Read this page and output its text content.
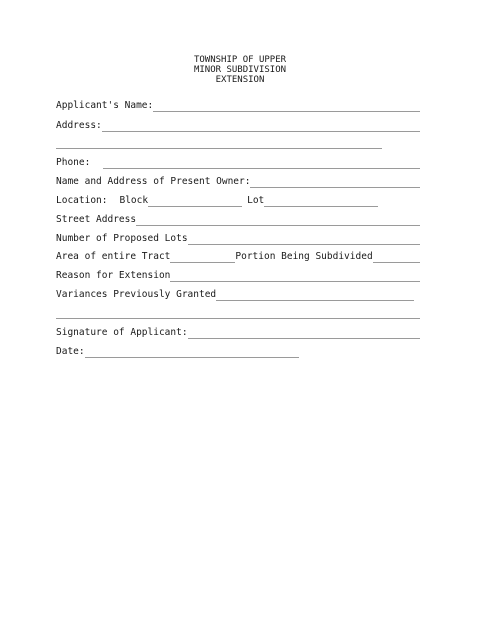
TOWNSHIP OF UPPER
MINOR SUBDIVISION
EXTENSION
Applicant's Name:
Address:
Phone:
Name and Address of Present Owner:
Location: Block	Lot
Street Address
Number of Proposed Lots
Area of entire Tract	Portion Being Subdivided
Reason for Extension
Variances Previously Granted
Signature of Applicant:
Date:
